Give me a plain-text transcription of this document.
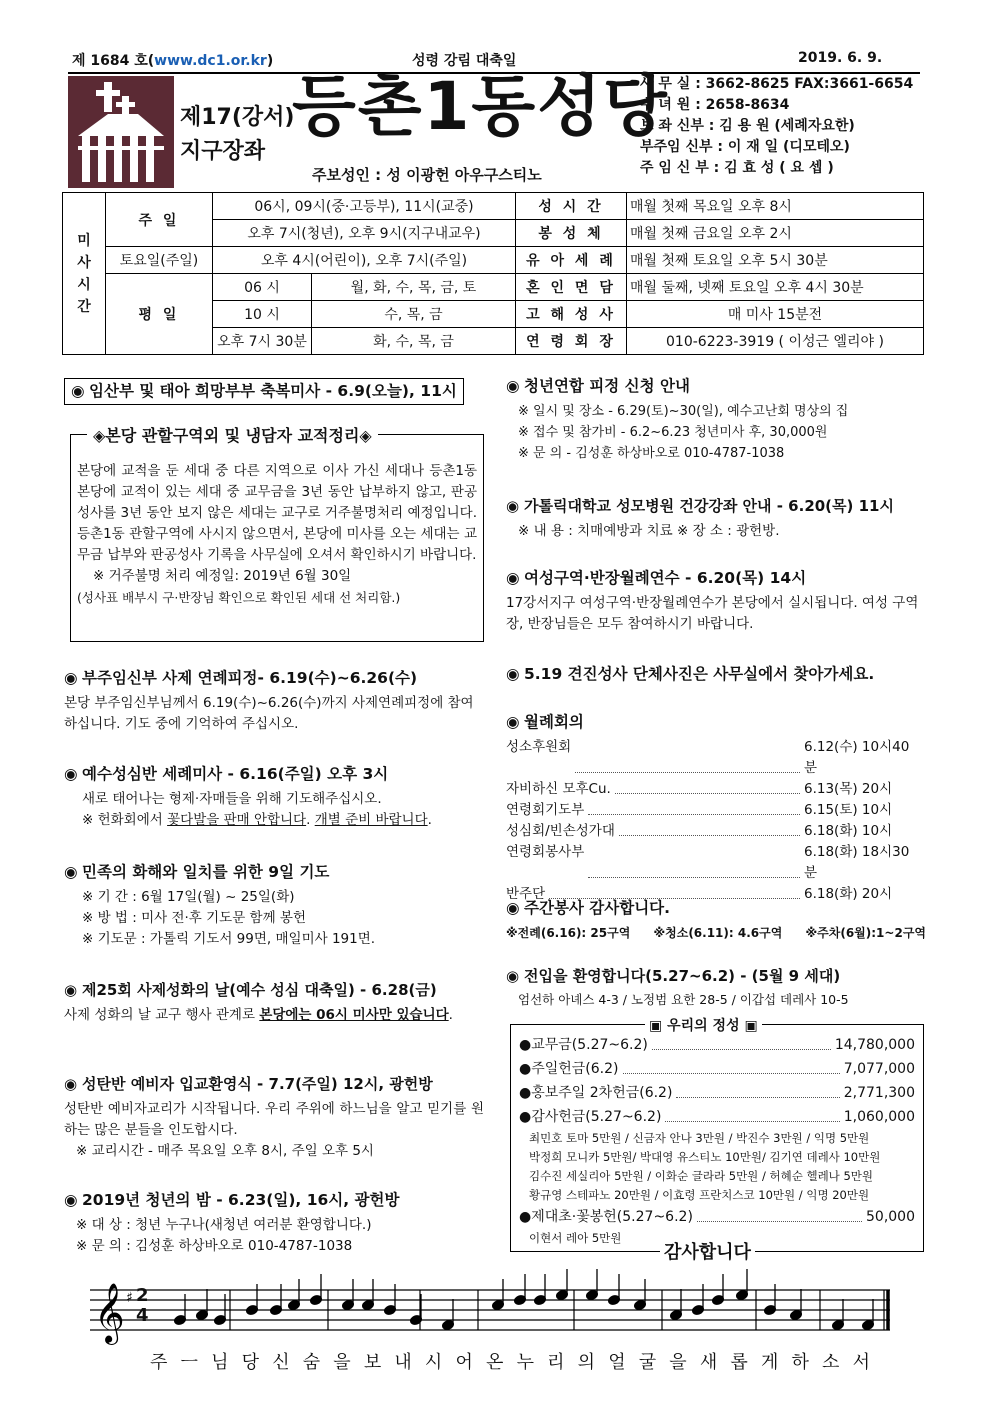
제 1684 호(www.dc1.or.kr)	성령 강림 대축일	2019. 6. 9.
제17(강서)
지구장좌
등촌1동성당
주보성인 : 성 이광헌 아우구스티노
사 무 실 : 3662-8625 FAX:3661-6654
수 녀 원 : 2658-8634
보 좌 신부 : 김 용 원 (세례자요한)
부주임 신부 : 이 재 일 (디모테오)
주 임 신 부 : 김 효 성 ( 요 셉 )
미
사
시
간	주 일	06시, 09시(중·고등부), 11시(교중)		성 시 간	매월 첫째 목요일 오후 8시
		오후 7시(청년), 오후 9시(지구내교우)		봉 성 체	매월 첫째 금요일 오후 2시
	토요일(주일)	오후 4시(어린이), 오후 7시(주일)		유 아 세 례	매월 첫째 토요일 오후 5시 30분
	평 일	06 시	월, 화, 수, 목, 금, 토	혼 인 면 담	매월 둘째, 넷째 토요일 오후 4시 30분
		10 시	수, 목, 금	고 해 성 사	매 미사 15분전
		오후 7시 30분	화, 수, 목, 금	연 령 회 장	010-6223-3919 ( 이성근 엘리야 )
◉ 임산부 및 태아 희망부부 축복미사 - 6.9(오늘), 11시
◈본당 관할구역외 및 냉담자 교적정리◈
본당에 교적을 둔 세대 중 다른 지역으로 이사 가신 세대나 등촌1동 본당에 교적이 있는 세대 중 교무금을 3년 동안 납부하지 않고, 판공성사를 3년 동안 보지 않은 세대는 교구로 거주불명처리 예정입니다. 등촌1동 관할구역에 사시지 않으면서, 본당에 미사를 오는 세대는 교무금 납부와 판공성사 기록을 사무실에 오셔서 확인하시기 바랍니다.
※ 거주불명 처리 예정일: 2019년 6월 30일
(성사표 배부시 구·반장님 확인으로 확인된 세대 선 처리함.)
◉ 부주임신부 사제 연례피정- 6.19(수)~6.26(수)
본당 부주임신부님께서 6.19(수)~6.26(수)까지 사제연례피정에 참여 하십니다. 기도 중에 기억하여 주십시오.
◉ 예수성심반 세례미사 - 6.16(주일) 오후 3시
새로 태어나는 형제·자매들을 위해 기도해주십시오.
※ 헌화회에서 꽃다발을 판매 안합니다. 개별 준비 바랍니다.
◉ 민족의 화해와 일치를 위한 9일 기도
※ 기 간 : 6월 17일(월) ~ 25일(화)
※ 방 법 : 미사 전·후 기도문 함께 봉헌
※ 기도문 : 가톨릭 기도서 99면, 매일미사 191면.
◉ 제25회 사제성화의 날(예수 성심 대축일) - 6.28(금)
사제 성화의 날 교구 행사 관계로 본당에는 06시 미사만 있습니다.
◉ 성탄반 예비자 입교환영식 - 7.7(주일) 12시, 광헌방
성탄반 예비자교리가 시작됩니다. 우리 주위에 하느님을 알고 믿기를 원하는 많은 분들을 인도합시다.
※ 교리시간 - 매주 목요일 오후 8시, 주일 오후 5시
◉ 2019년 청년의 밤 - 6.23(일), 16시, 광헌방
※ 대 상 : 청년 누구나(새청년 여러분 환영합니다.)
※ 문 의 : 김성훈 하상바오로 010-4787-1038
◉ 청년연합 피정 신청 안내
※ 일시 및 장소 - 6.29(토)~30(일), 예수고난회 명상의 집
※ 접수 및 참가비 - 6.2~6.23 청년미사 후, 30,000원
※ 문 의 - 김성훈 하상바오로 010-4787-1038
◉ 가톨릭대학교 성모병원 건강강좌 안내 - 6.20(목) 11시
※ 내 용 : 치매예방과 치료 ※ 장 소 : 광헌방.
◉ 여성구역·반장월례연수 - 6.20(목) 14시
17강서지구 여성구역·반장월례연수가 본당에서 실시됩니다. 여성 구역장, 반장님들은 모두 참여하시기 바랍니다.
◉ 5.19 견진성사 단체사진은 사무실에서 찾아가세요.
◉ 월례회의
성소후원회	6.12(수) 10시40분
자비하신 모후Cu.	6.13(목) 20시
연령회기도부	6.15(토) 10시
성심회/빈손성가대	6.18(화) 10시
연령회봉사부	6.18(화) 18시30분
반주단	6.18(화) 20시
◉ 주간봉사 감사합니다.
※전례(6.16): 25구역 ※청소(6.11): 4.6구역 ※주차(6월):1~2구역
◉ 전입을 환영합니다(5.27~6.2) - (5월 9 세대)
엄선하 아녜스 4-3 / 노정범 요한 28-5 / 이갑섭 데레사 10-5
▣ 우리의 정성 ▣
●교무금(5.27~6.2)	14,780,000
●주일헌금(6.2)	7,077,000
●홍보주일 2차헌금(6.2)	2,771,300
●감사헌금(5.27~6.2)	1,060,000
최민호 토마 5만원 / 신금자 안나 3만원 / 박진수 3만원 / 익명 5만원
박정희 모니카 5만원/ 박대영 유스티노 10만원/ 김기연 데레사 10만원
김수진 세실리아 5만원 / 이화순 글라라 5만원 / 허혜순 헬레나 5만원
황규영 스테파노 20만원 / 이효령 프란치스코 10만원 / 익명 20만원
●제대초·꽃봉헌(5.27~6.2)	50,000
이현서 레아 5만원
감사합니다
𝄞 ♯ 2
4
주 ㅡ 님 당 신 숨 을 보 내 시 어 온 누 리 의 얼 굴 을 새 롭 게 하 소 서
